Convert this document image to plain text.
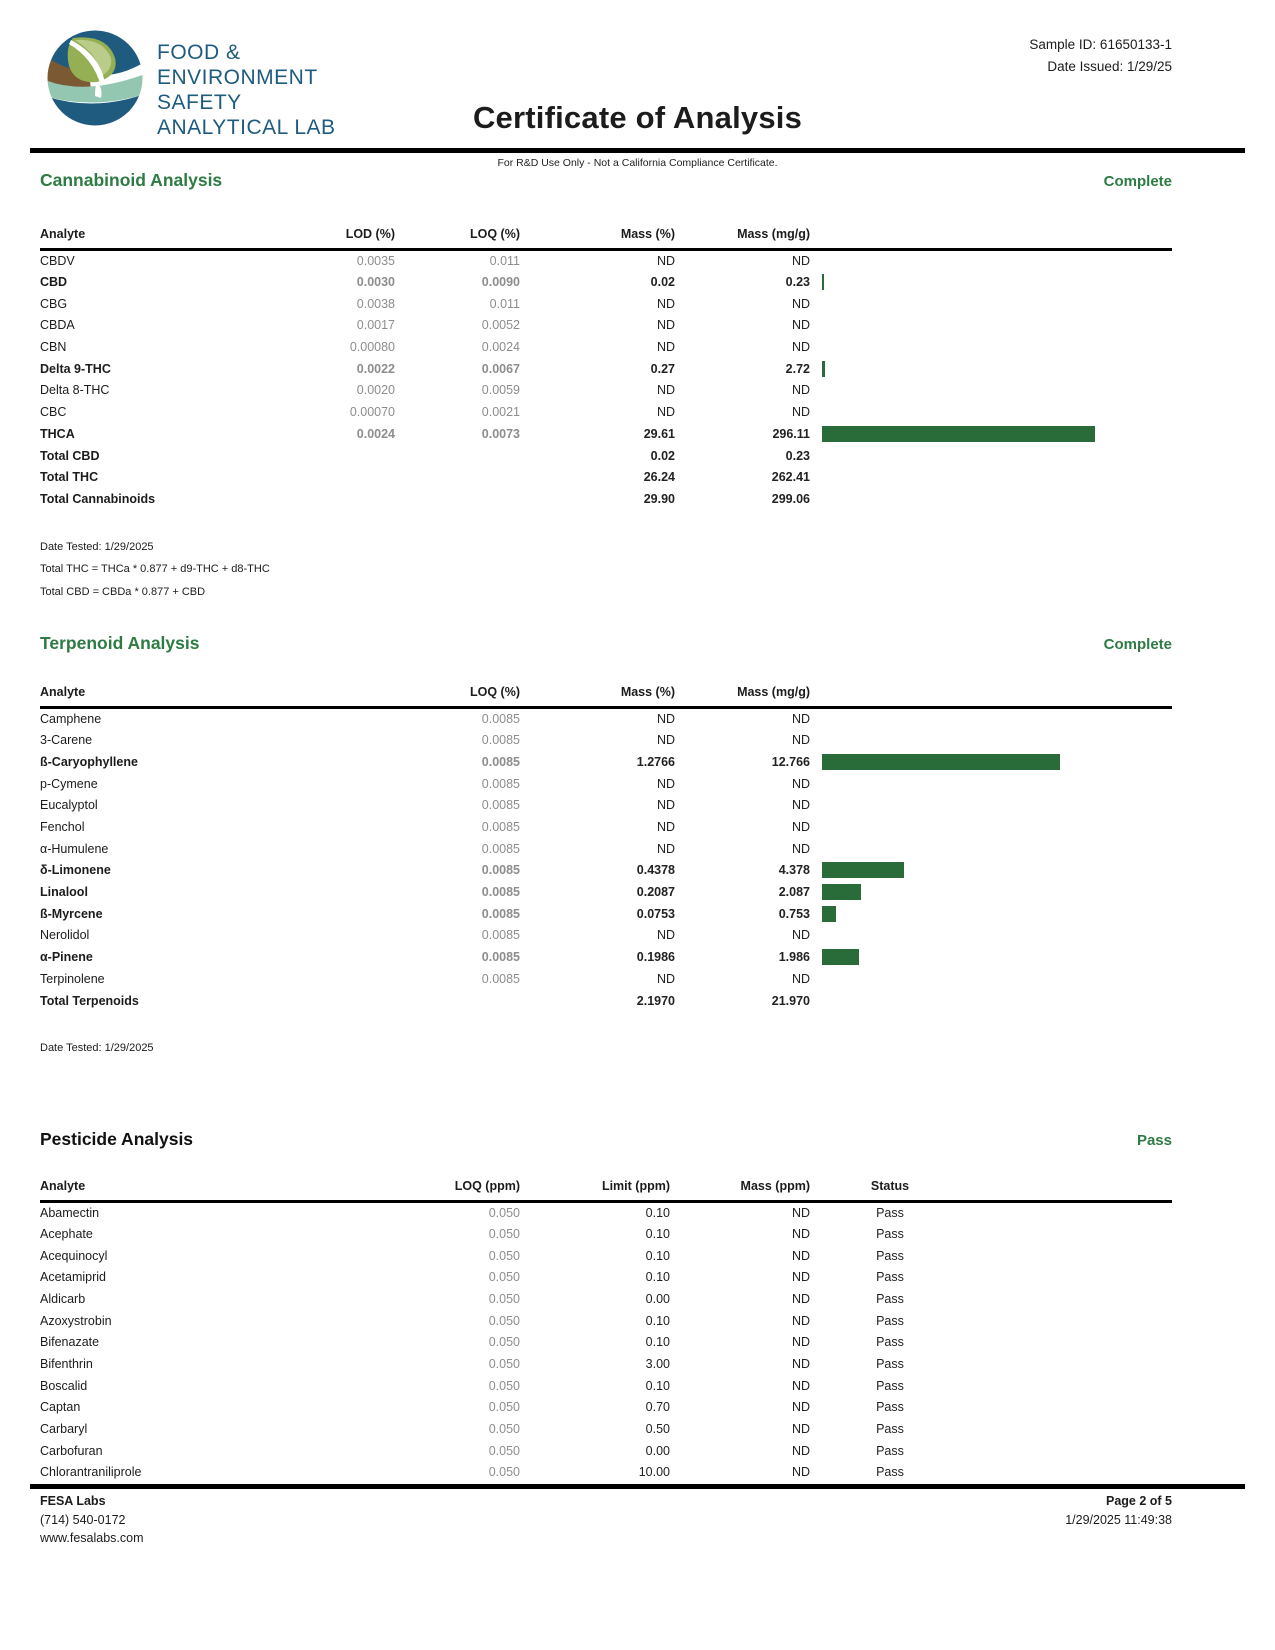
FOOD &
ENVIRONMENT
SAFETY
ANALYTICAL LAB
Sample ID: 61650133-1
Date Issued: 1/29/25
Certificate of Analysis
For R&D Use Only - Not a California Compliance Certificate.
Cannabinoid Analysis	Complete
Analyte	LOD (%)	LOQ (%)	Mass (%)	Mass (mg/g)	
CBDV	0.0035	0.011	ND	ND	
CBD	0.0030	0.0090	0.02	0.23	

CBG	0.0038	0.011	ND	ND	
CBDA	0.0017	0.0052	ND	ND	
CBN	0.00080	0.0024	ND	ND	
Delta 9-THC	0.0022	0.0067	0.27	2.72	

Delta 8-THC	0.0020	0.0059	ND	ND	
CBC	0.00070	0.0021	ND	ND	
THCA	0.0024	0.0073	29.61	296.11	

Total CBD			0.02	0.23	
Total THC			26.24	262.41	
Total Cannabinoids			29.90	299.06	
Date Tested: 1/29/2025
Total THC = THCa * 0.877 + d9-THC + d8-THC
Total CBD = CBDa * 0.877 + CBD
Terpenoid Analysis	Complete
Analyte	LOQ (%)	Mass (%)	Mass (mg/g)	
Camphene	0.0085	ND	ND	
3-Carene	0.0085	ND	ND	
ß-Caryophyllene	0.0085	1.2766	12.766	

p-Cymene	0.0085	ND	ND	
Eucalyptol	0.0085	ND	ND	
Fenchol	0.0085	ND	ND	
α-Humulene	0.0085	ND	ND	
δ-Limonene	0.0085	0.4378	4.378	

Linalool	0.0085	0.2087	2.087	

ß-Myrcene	0.0085	0.0753	0.753	

Nerolidol	0.0085	ND	ND	
α-Pinene	0.0085	0.1986	1.986	

Terpinolene	0.0085	ND	ND	
Total Terpenoids		2.1970	21.970	
Date Tested: 1/29/2025
Pesticide Analysis	Pass
Analyte	LOQ (ppm)	Limit (ppm)	Mass (ppm)	Status	
Abamectin	0.050	0.10	ND	Pass	
Acephate	0.050	0.10	ND	Pass	
Acequinocyl	0.050	0.10	ND	Pass	
Acetamiprid	0.050	0.10	ND	Pass	
Aldicarb	0.050	0.00	ND	Pass	
Azoxystrobin	0.050	0.10	ND	Pass	
Bifenazate	0.050	0.10	ND	Pass	
Bifenthrin	0.050	3.00	ND	Pass	
Boscalid	0.050	0.10	ND	Pass	
Captan	0.050	0.70	ND	Pass	
Carbaryl	0.050	0.50	ND	Pass	
Carbofuran	0.050	0.00	ND	Pass	
Chlorantraniliprole	0.050	10.00	ND	Pass	
FESA Labs
(714) 540-0172
www.fesalabs.com
Page 2 of 5
1/29/2025 11:49:38
